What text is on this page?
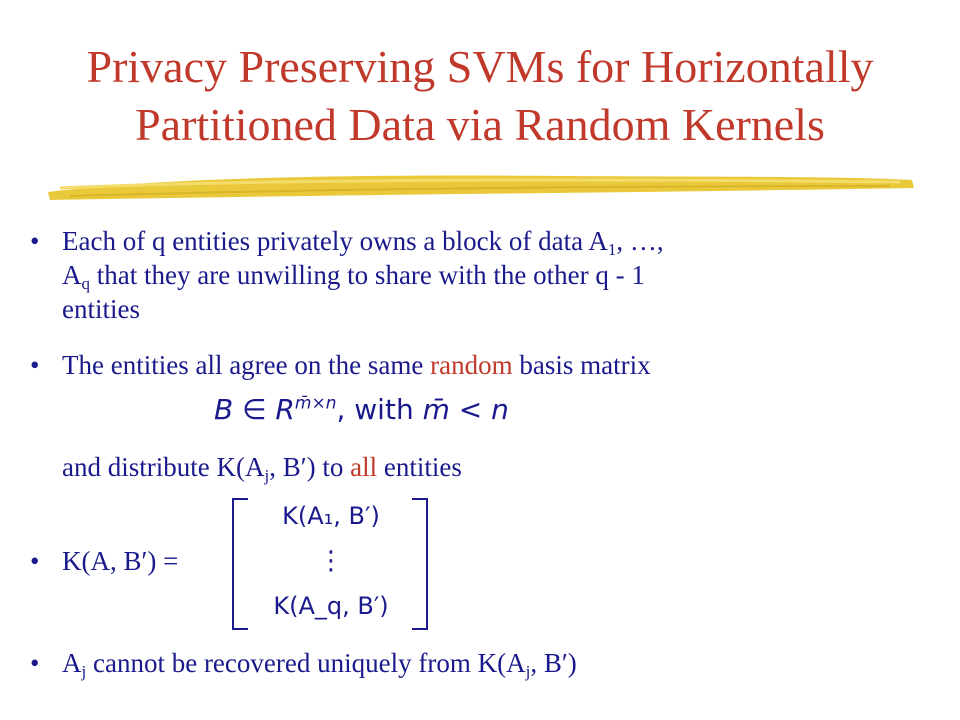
Privacy Preserving SVMs for Horizontally
Partitioned Data via Random Kernels
• Each of q entities privately owns a block of data $A_1$, …,
$A_q$ that they are unwilling to share with the other q - 1
entities
• The entities all agree on the same random basis matrix
B ∈ $R^{m̄\times n}$, with m̄ < n
and distribute $K(A_j$, B′) to all entities
• K(A, B′) =
K(A₁, B′)
⋮
K(A_q, B′)
• $A_j$ cannot be recovered uniquely from $K(A_j$, B′)
